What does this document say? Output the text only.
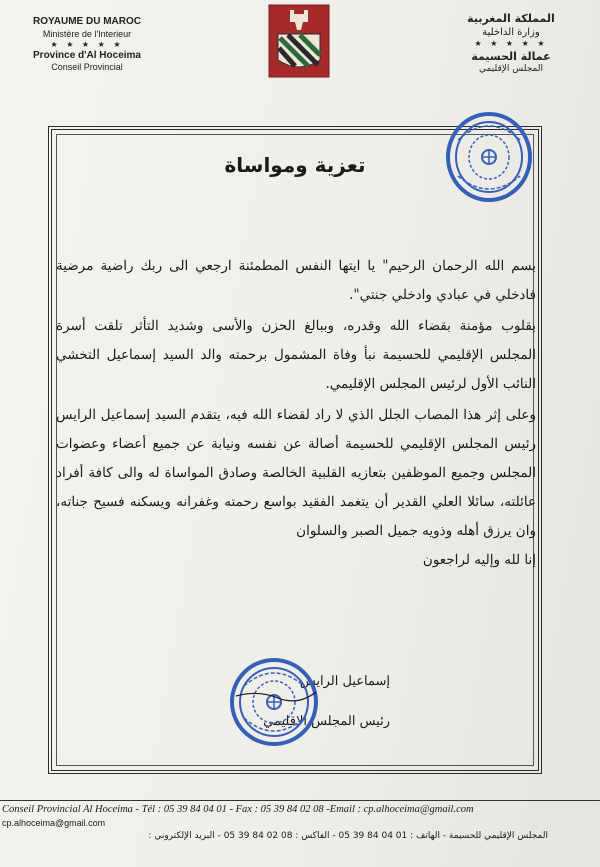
ROYAUME DU MAROC
Ministère de l'Interieur
★ ★ ★ ★ ★
Province d'Al Hoceima
Conseil Provincial
المملكة المغربية
وزارة الداخلية
★ ★ ★ ★ ★
عمالة الحسيمة
المجلس الإقليمي
تعزية ومواساة

بسم الله الرحمان الرحيم" يا ايتها النفس المطمئنة ارجعي الى ربك راضية مرضية فادخلي في عبادي وادخلي جنتي".

بقلوب مؤمنة بقضاء الله وقدره، وببالغ الحزن والأسى وشديد التأثر تلقت أسرة المجلس الإقليمي للحسيمة نبأ وفاة المشمول برحمته والد السيد إسماعيل التخشي النائب الأول لرئيس المجلس الإقليمي.

وعلى إثر هذا المصاب الجلل الذي لا راد لقضاء الله فيه، يتقدم السيد إسماعيل الرايس رئيس المجلس الإقليمي للحسيمة أصالة عن نفسه ونيابة عن جميع أعضاء وعضوات المجلس وجميع الموظفين بتعازيه القلبية الخالصة وصادق المواساة له والى كافة أفراد عائلته، سائلا العلي القدير أن يتغمد الفقيد بواسع رحمته وغفرانه ويسكنه فسيح جناته، وان يرزق أهله وذويه جميل الصبر والسلوان

إنا لله وإليه لراجعون

إسماعيل الرايس
رئيس المجلس الإقليمي
Conseil Provincial Al Hoceima - Tél : 05 39 84 04 01 - Fax : 05 39 84 02 08 -Email : cp.alhoceima@gmail.com
cp.alhoceima@gmail.com
المجلس الإقليمي للحسيمة - الهاتف : 01 04 84 39 05 - الفاكس : 08 02 84 39 05 - البريد الإلكتروني :
